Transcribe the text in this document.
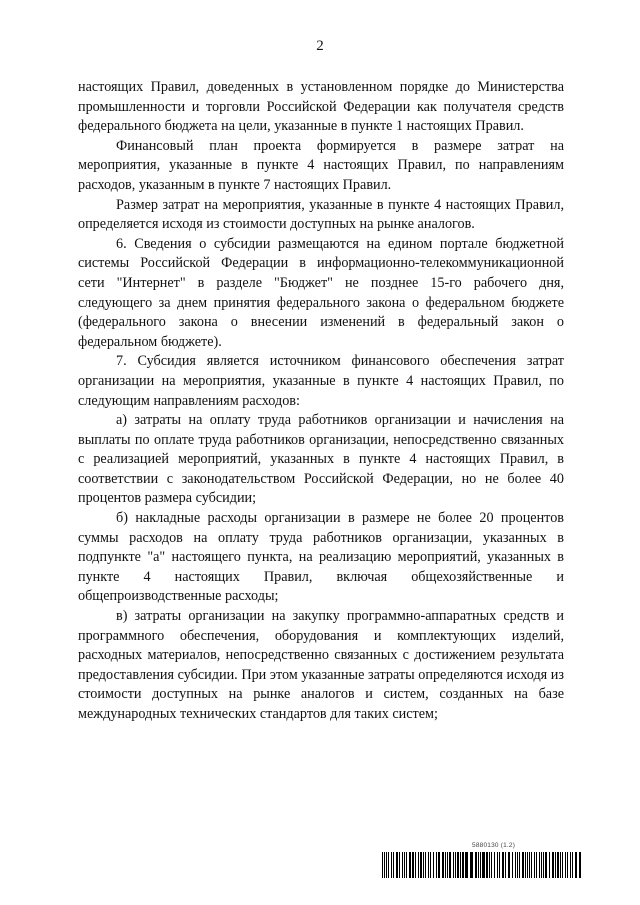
2

настоящих Правил, доведенных в установленном порядке до Министерства промышленности и торговли Российской Федерации как получателя средств федерального бюджета на цели, указанные в пункте 1 настоящих Правил.

Финансовый план проекта формируется в размере затрат на мероприятия, указанные в пункте 4 настоящих Правил, по направлениям расходов, указанным в пункте 7 настоящих Правил.

Размер затрат на мероприятия, указанные в пункте 4 настоящих Правил, определяется исходя из стоимости доступных на рынке аналогов.

6. Сведения о субсидии размещаются на едином портале бюджетной системы Российской Федерации в информационно-телекоммуникационной сети "Интернет" в разделе "Бюджет" не позднее 15-го рабочего дня, следующего за днем принятия федерального закона о федеральном бюджете (федерального закона о внесении изменений в федеральный закон о федеральном бюджете).

7. Субсидия является источником финансового обеспечения затрат организации на мероприятия, указанные в пункте 4 настоящих Правил, по следующим направлениям расходов:

а) затраты на оплату труда работников организации и начисления на выплаты по оплате труда работников организации, непосредственно связанных с реализацией мероприятий, указанных в пункте 4 настоящих Правил, в соответствии с законодательством Российской Федерации, но не более 40 процентов размера субсидии;

б) накладные расходы организации в размере не более 20 процентов суммы расходов на оплату труда работников организации, указанных в подпункте "а" настоящего пункта, на реализацию мероприятий, указанных в пункте 4 настоящих Правил, включая общехозяйственные и общепроизводственные расходы;

в) затраты организации на закупку программно-аппаратных средств и программного обеспечения, оборудования и комплектующих изделий, расходных материалов, непосредственно связанных с достижением результата предоставления субсидии. При этом указанные затраты определяются исходя из стоимости доступных на рынке аналогов и систем, созданных на базе международных технических стандартов для таких систем;

5880130 (1.2)
